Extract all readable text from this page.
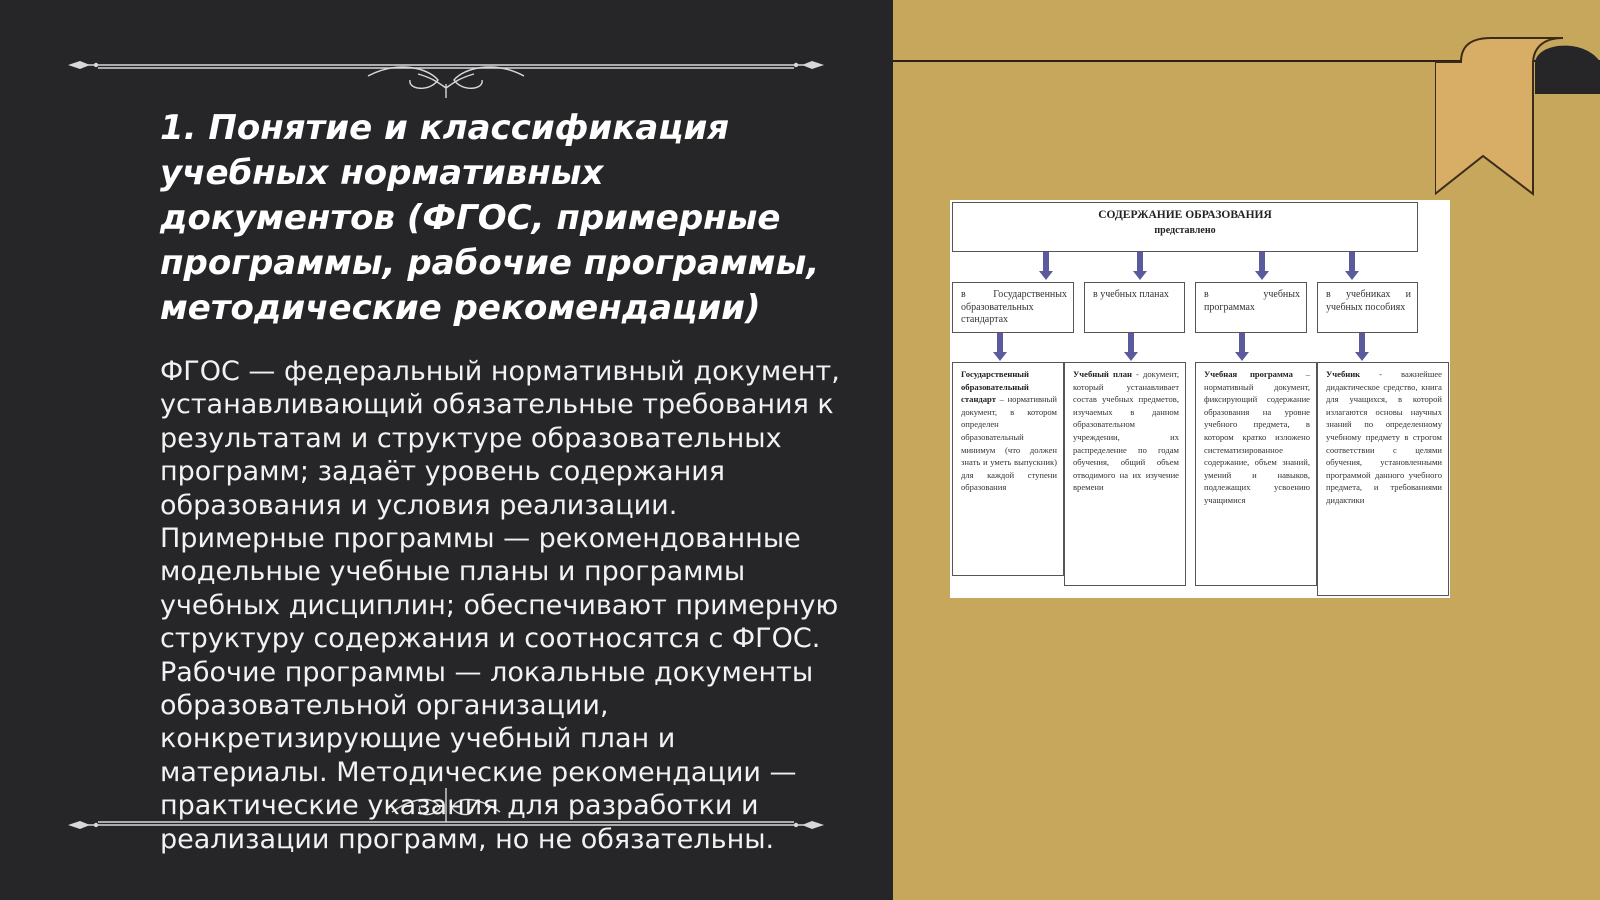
1. Понятие и классификация учебных нормативных документов (ФГОС, примерные программы, рабочие программы, методические рекомендации)

ФГОС — федеральный нормативный документ, устанавливающий обязательные требования к результатам и структуре образовательных программ; задаёт уровень содержания образования и условия реализации. Примерные программы — рекомендованные модельные учебные планы и программы учебных дисциплин; обеспечивают примерную структуру содержания и соотносятся с ФГОС. Рабочие программы — локальные документы образовательной организации, конкретизирующие учебный план и материалы. Методические рекомендации — практические указания для разработки и реализации программ, но не обязательны.

СОДЕРЖАНИЕ ОБРАЗОВАНИЯ
представлено
в Государственных образовательных стандартах
в учебных планах	в учебных программах
в учебниках и учебных пособиях
Государственный образовательный стандарт – нормативный документ, в котором определен образовательный минимум (что должен знать и уметь выпускник) для каждой ступени образования
Учебный план - документ, который устанавливает состав учебных предметов, изучаемых в данном образовательном учреждении, их распределение по годам обучения, общий объем отводимого на их изучение времени
Учебная программа – нормативный документ, фиксирующий содержание образования на уровне учебного предмета, в котором кратко изложено систематизированное содержание, объем знаний, умений и навыков, подлежащих усвоению учащимися
Учебник - важнейшее дидактическое средство, книга для учащихся, в которой излагаются основы научных знаний по определенному учебному предмету в строгом соответствии с целями обучения, установленными программой данного учебного предмета, и требованиями дидактики
